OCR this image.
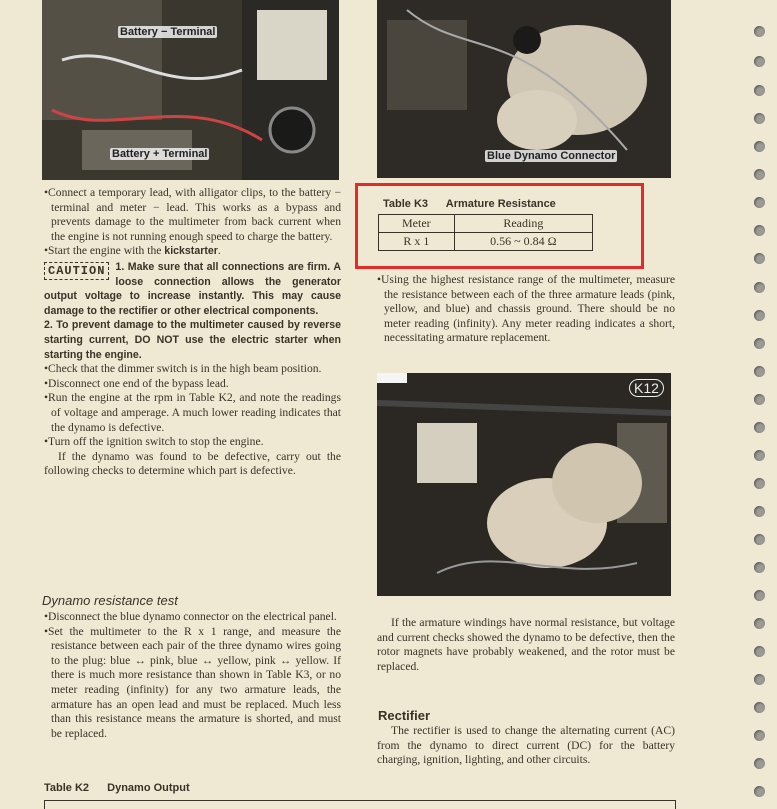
Battery − Terminal
Battery + Terminal	Blue Dynamo Connector
K12

•Connect a temporary lead, with alligator clips, to the battery − terminal and meter − lead. This works as a bypass and prevents damage to the multimeter from back current when the engine is not running enough speed to charge the battery.

•Start the engine with the kickstarter.

CAUTION 1. Make sure that all connections are firm. A loose connection allows the generator output voltage to increase instantly. This may cause damage to the rectifier or other electrical components.

2. To prevent damage to the multimeter caused by reverse starting current, DO NOT use the electric starter when starting the engine.

•Check that the dimmer switch is in the high beam position.

•Disconnect one end of the bypass lead.

•Run the engine at the rpm in Table K2, and note the readings of voltage and amperage. A much lower reading indicates that the dynamo is defective.

•Turn off the ignition switch to stop the engine.

If the dynamo was found to be defective, carry out the following checks to determine which part is defective.

Dynamo resistance test

•Disconnect the blue dynamo connector on the electrical panel.

•Set the multimeter to the R x 1 range, and measure the resistance between each pair of the three dynamo wires going to the plug: blue ↔ pink, blue ↔ yellow, pink ↔ yellow. If there is much more resistance than shown in Table K3, or no meter reading (infinity) for any two armature leads, the armature has an open lead and must be replaced. Much less than this resistance means the armature is shorted, and must be replaced.

Table K2 Dynamo Output
Table K3 Armature Resistance
Meter	Reading
R x 1	0.56 ~ 0.84 Ω

•Using the highest resistance range of the multimeter, measure the resistance between each of the three armature leads (pink, yellow, and blue) and chassis ground. There should be no meter reading (infinity). Any meter reading indicates a short, necessitating armature replacement.

If the armature windings have normal resistance, but voltage and current checks showed the dynamo to be defective, then the rotor magnets have probably weakened, and the rotor must be replaced.

Rectifier

The rectifier is used to change the alternating current (AC) from the dynamo to direct current (DC) for the battery charging, ignition, lighting, and other circuits.
